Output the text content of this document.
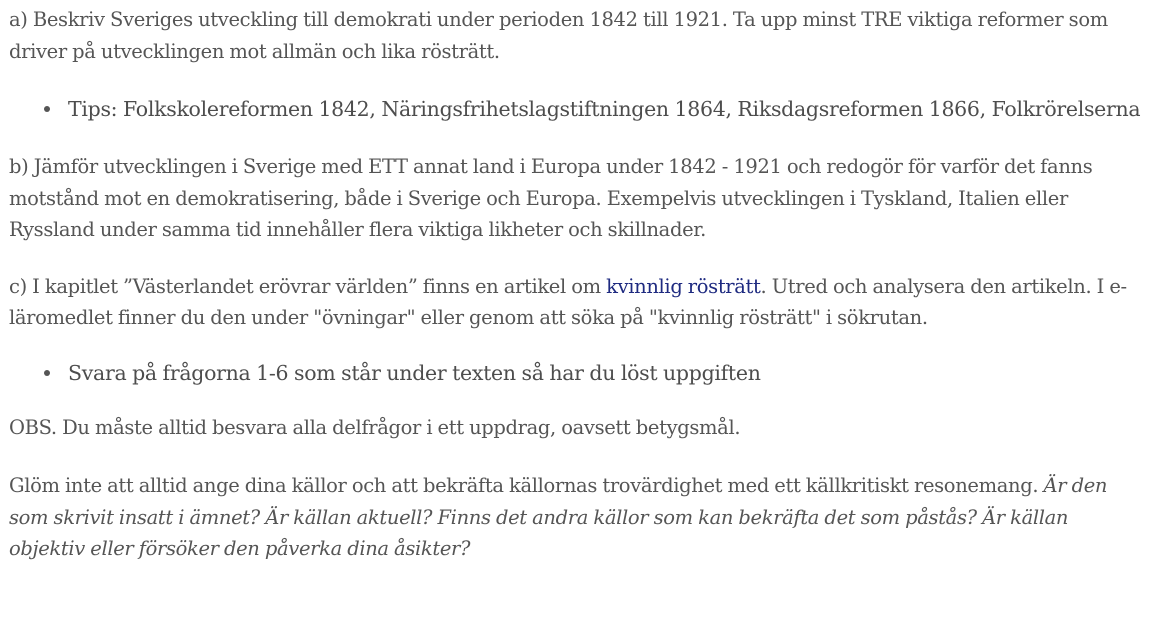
a) Beskriv Sveriges utveckling till demokrati under perioden 1842 till 1921. Ta upp minst TRE viktiga reformer som driver på utvecklingen mot allmän och lika rösträtt.

Tips: Folkskolereformen 1842, Näringsfrihetslagstiftningen 1864, Riksdagsreformen 1866, Folkrörelserna

b) Jämför utvecklingen i Sverige med ETT annat land i Europa under 1842 - 1921 och redogör för varför det fanns motstånd mot en demokratisering, både i Sverige och Europa. Exempelvis utvecklingen i Tyskland, Italien eller Ryssland under samma tid innehåller flera viktiga likheter och skillnader.

c) I kapitlet ”Västerlandet erövrar världen” finns en artikel om kvinnlig rösträtt. Utred och analysera den artikeln. I e-läromedlet finner du den under "övningar" eller genom att söka på "kvinnlig rösträtt" i sökrutan.

Svara på frågorna 1-6 som står under texten så har du löst uppgiften

OBS. Du måste alltid besvara alla delfrågor i ett uppdrag, oavsett betygsmål.

Glöm inte att alltid ange dina källor och att bekräfta källornas trovärdighet med ett källkritiskt resonemang. Är den som skrivit insatt i ämnet? Är källan aktuell? Finns det andra källor som kan bekräfta det som påstås? Är källan objektiv eller försöker den påverka dina åsikter?
